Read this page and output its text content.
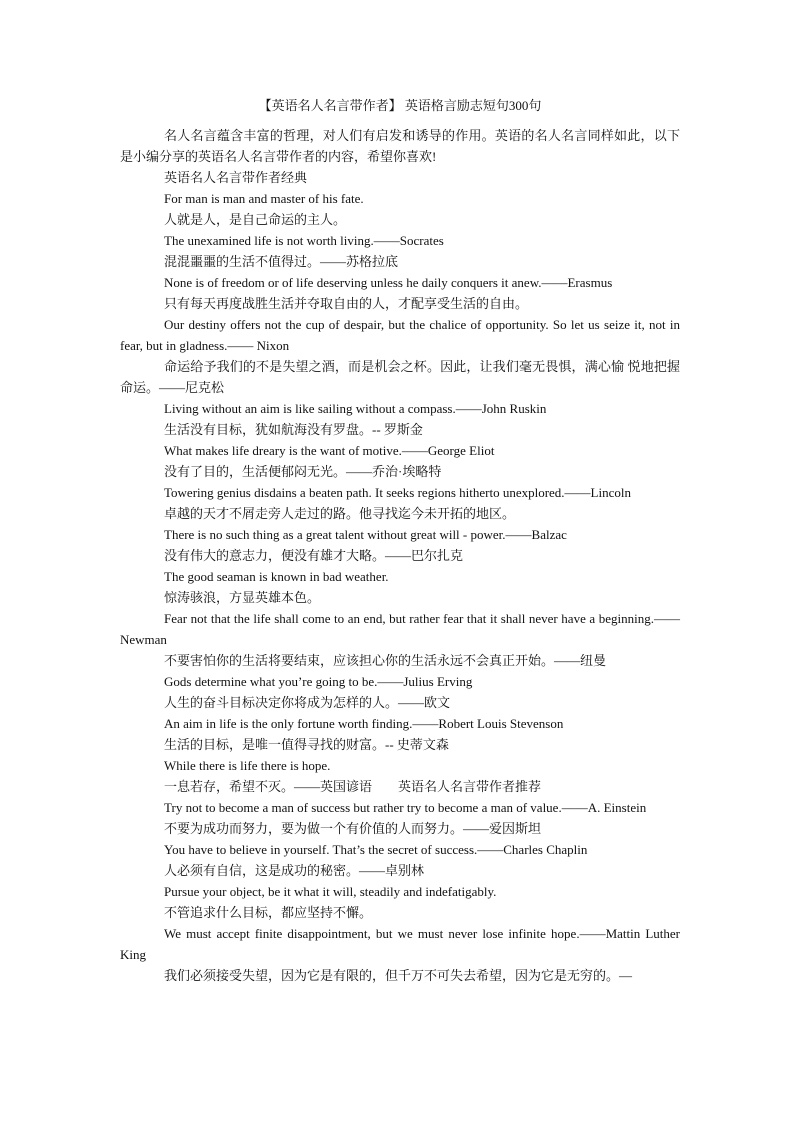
【英语名人名言带作者】 英语格言励志短句300句

名人名言蕴含丰富的哲理，对人们有启发和诱导的作用。英语的名人名言同样如此，以下是小编分享的英语名人名言带作者的内容，希望你喜欢!

英语名人名言带作者经典

For man is man and master of his fate.

人就是人，是自己命运的主人。

The unexamined life is not worth living.——Socrates

混混噩噩的生活不值得过。——苏格拉底

None is of freedom or of life deserving unless he daily conquers it anew.——Erasmus

只有每天再度战胜生活并夺取自由的人，才配享受生活的自由。

Our destiny offers not the cup of despair, but the chalice of opportunity. So let us seize it, not in fear, but in gladness.—— Nixon

命运给予我们的不是失望之酒，而是机会之杯。因此，让我们毫无畏惧，满心愉 悦地把握命运。——尼克松

Living without an aim is like sailing without a compass.——John Ruskin

生活没有目标，犹如航海没有罗盘。-- 罗斯金

What makes life dreary is the want of motive.——George Eliot

没有了目的，生活便郁闷无光。——乔治·埃略特

Towering genius disdains a beaten path. It seeks regions hitherto unexplored.——Lincoln

卓越的天才不屑走旁人走过的路。他寻找迄今未开拓的地区。

There is no such thing as a great talent without great will - power.——Balzac

没有伟大的意志力，便没有雄才大略。——巴尔扎克

The good seaman is known in bad weather.

惊涛骇浪，方显英雄本色。

Fear not that the life shall come to an end, but rather fear that it shall never have a beginning.—— Newman

不要害怕你的生活将要结束，应该担心你的生活永远不会真正开始。——纽曼

Gods determine what you’re going to be.——Julius Erving

人生的奋斗目标决定你将成为怎样的人。——欧文

An aim in life is the only fortune worth finding.——Robert Louis Stevenson

生活的目标，是唯一值得寻找的财富。-- 史蒂文森

While there is life there is hope.

一息若存，希望不灭。——英国谚语　　英语名人名言带作者推荐

Try not to become a man of success but rather try to become a man of value.——A. Einstein

不要为成功而努力，要为做一个有价值的人而努力。——爱因斯坦

You have to believe in yourself. That’s the secret of success.——Charles Chaplin

人必须有自信，这是成功的秘密。——卓别林

Pursue your object, be it what it will, steadily and indefatigably.

不管追求什么目标，都应坚持不懈。

We must accept finite disappointment, but we must never lose infinite hope.——Mattin Luther King

我们必须接受失望，因为它是有限的，但千万不可失去希望，因为它是无穷的。—
